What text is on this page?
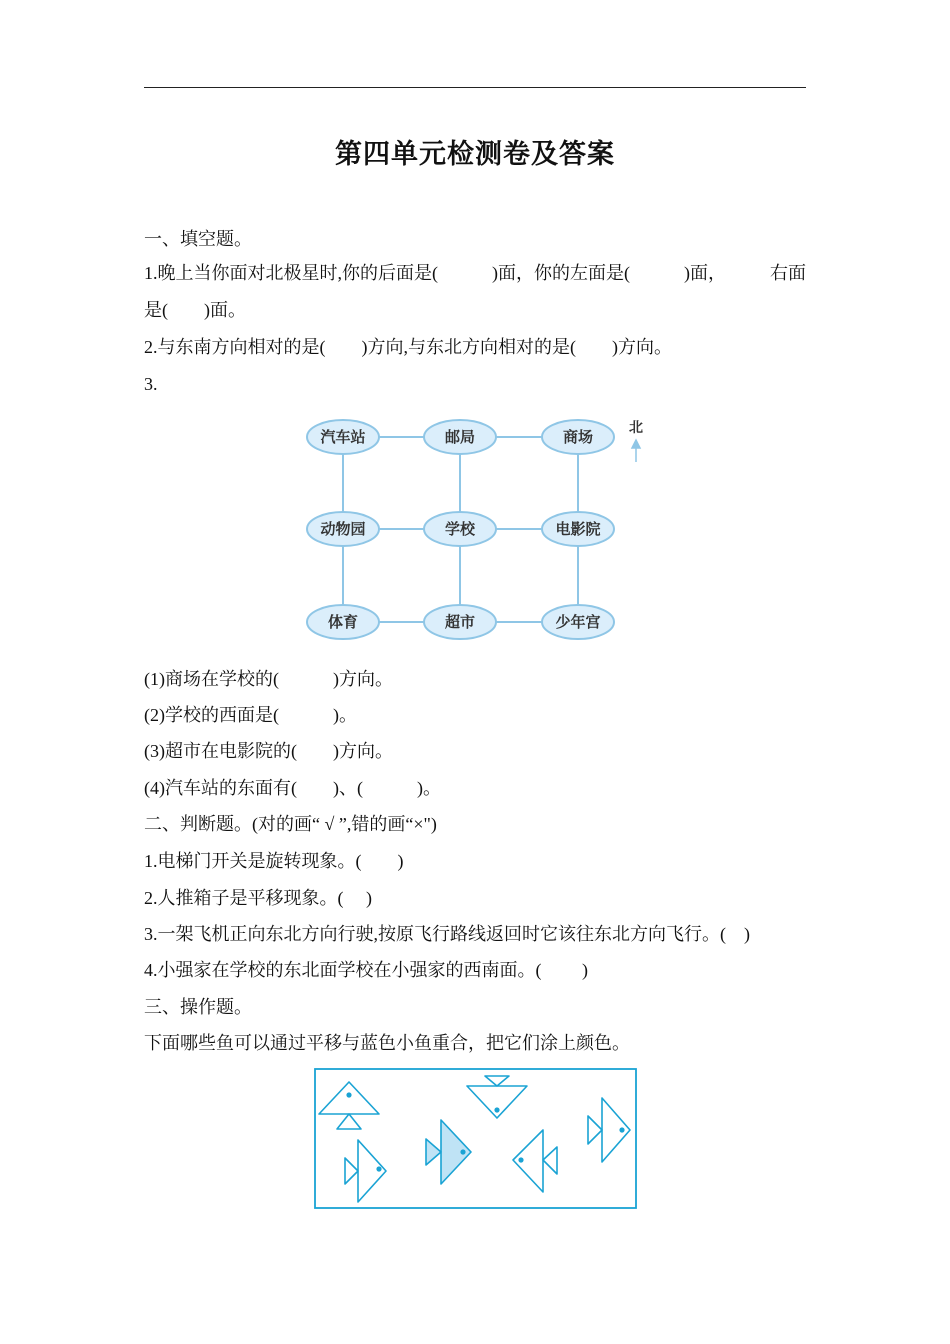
第四单元检测卷及答案
一、填空题。
1.晚上当你面对北极星时,你的后面是(　　　)面，你的左面是(　　　)面， 右面
是(　　)面。
2.与东南方向相对的是(　　)方向,与东北方向相对的是(　　)方向。
3.
汽车站	邮局	商场
动物园	学校	电影院
体育	超市	少年宫
北
(1)商场在学校的(　　　)方向。
(2)学校的西面是(　　　)。
(3)超市在电影院的(　　)方向。
(4)汽车站的东面有(　　)、(　　　)。
二、判断题。(对的画“ √ ”,错的画“×")
1.电梯门开关是旋转现象。(　　)
2.人推箱子是平移现象。(　 )
3.一架飞机正向东北方向行驶,按原飞行路线返回时它该往东北方向飞行。(　)
4.小强家在学校的东北面学校在小强家的西南面。(　　 )
三、操作题。
下面哪些鱼可以通过平移与蓝色小鱼重合，把它们涂上颜色。
